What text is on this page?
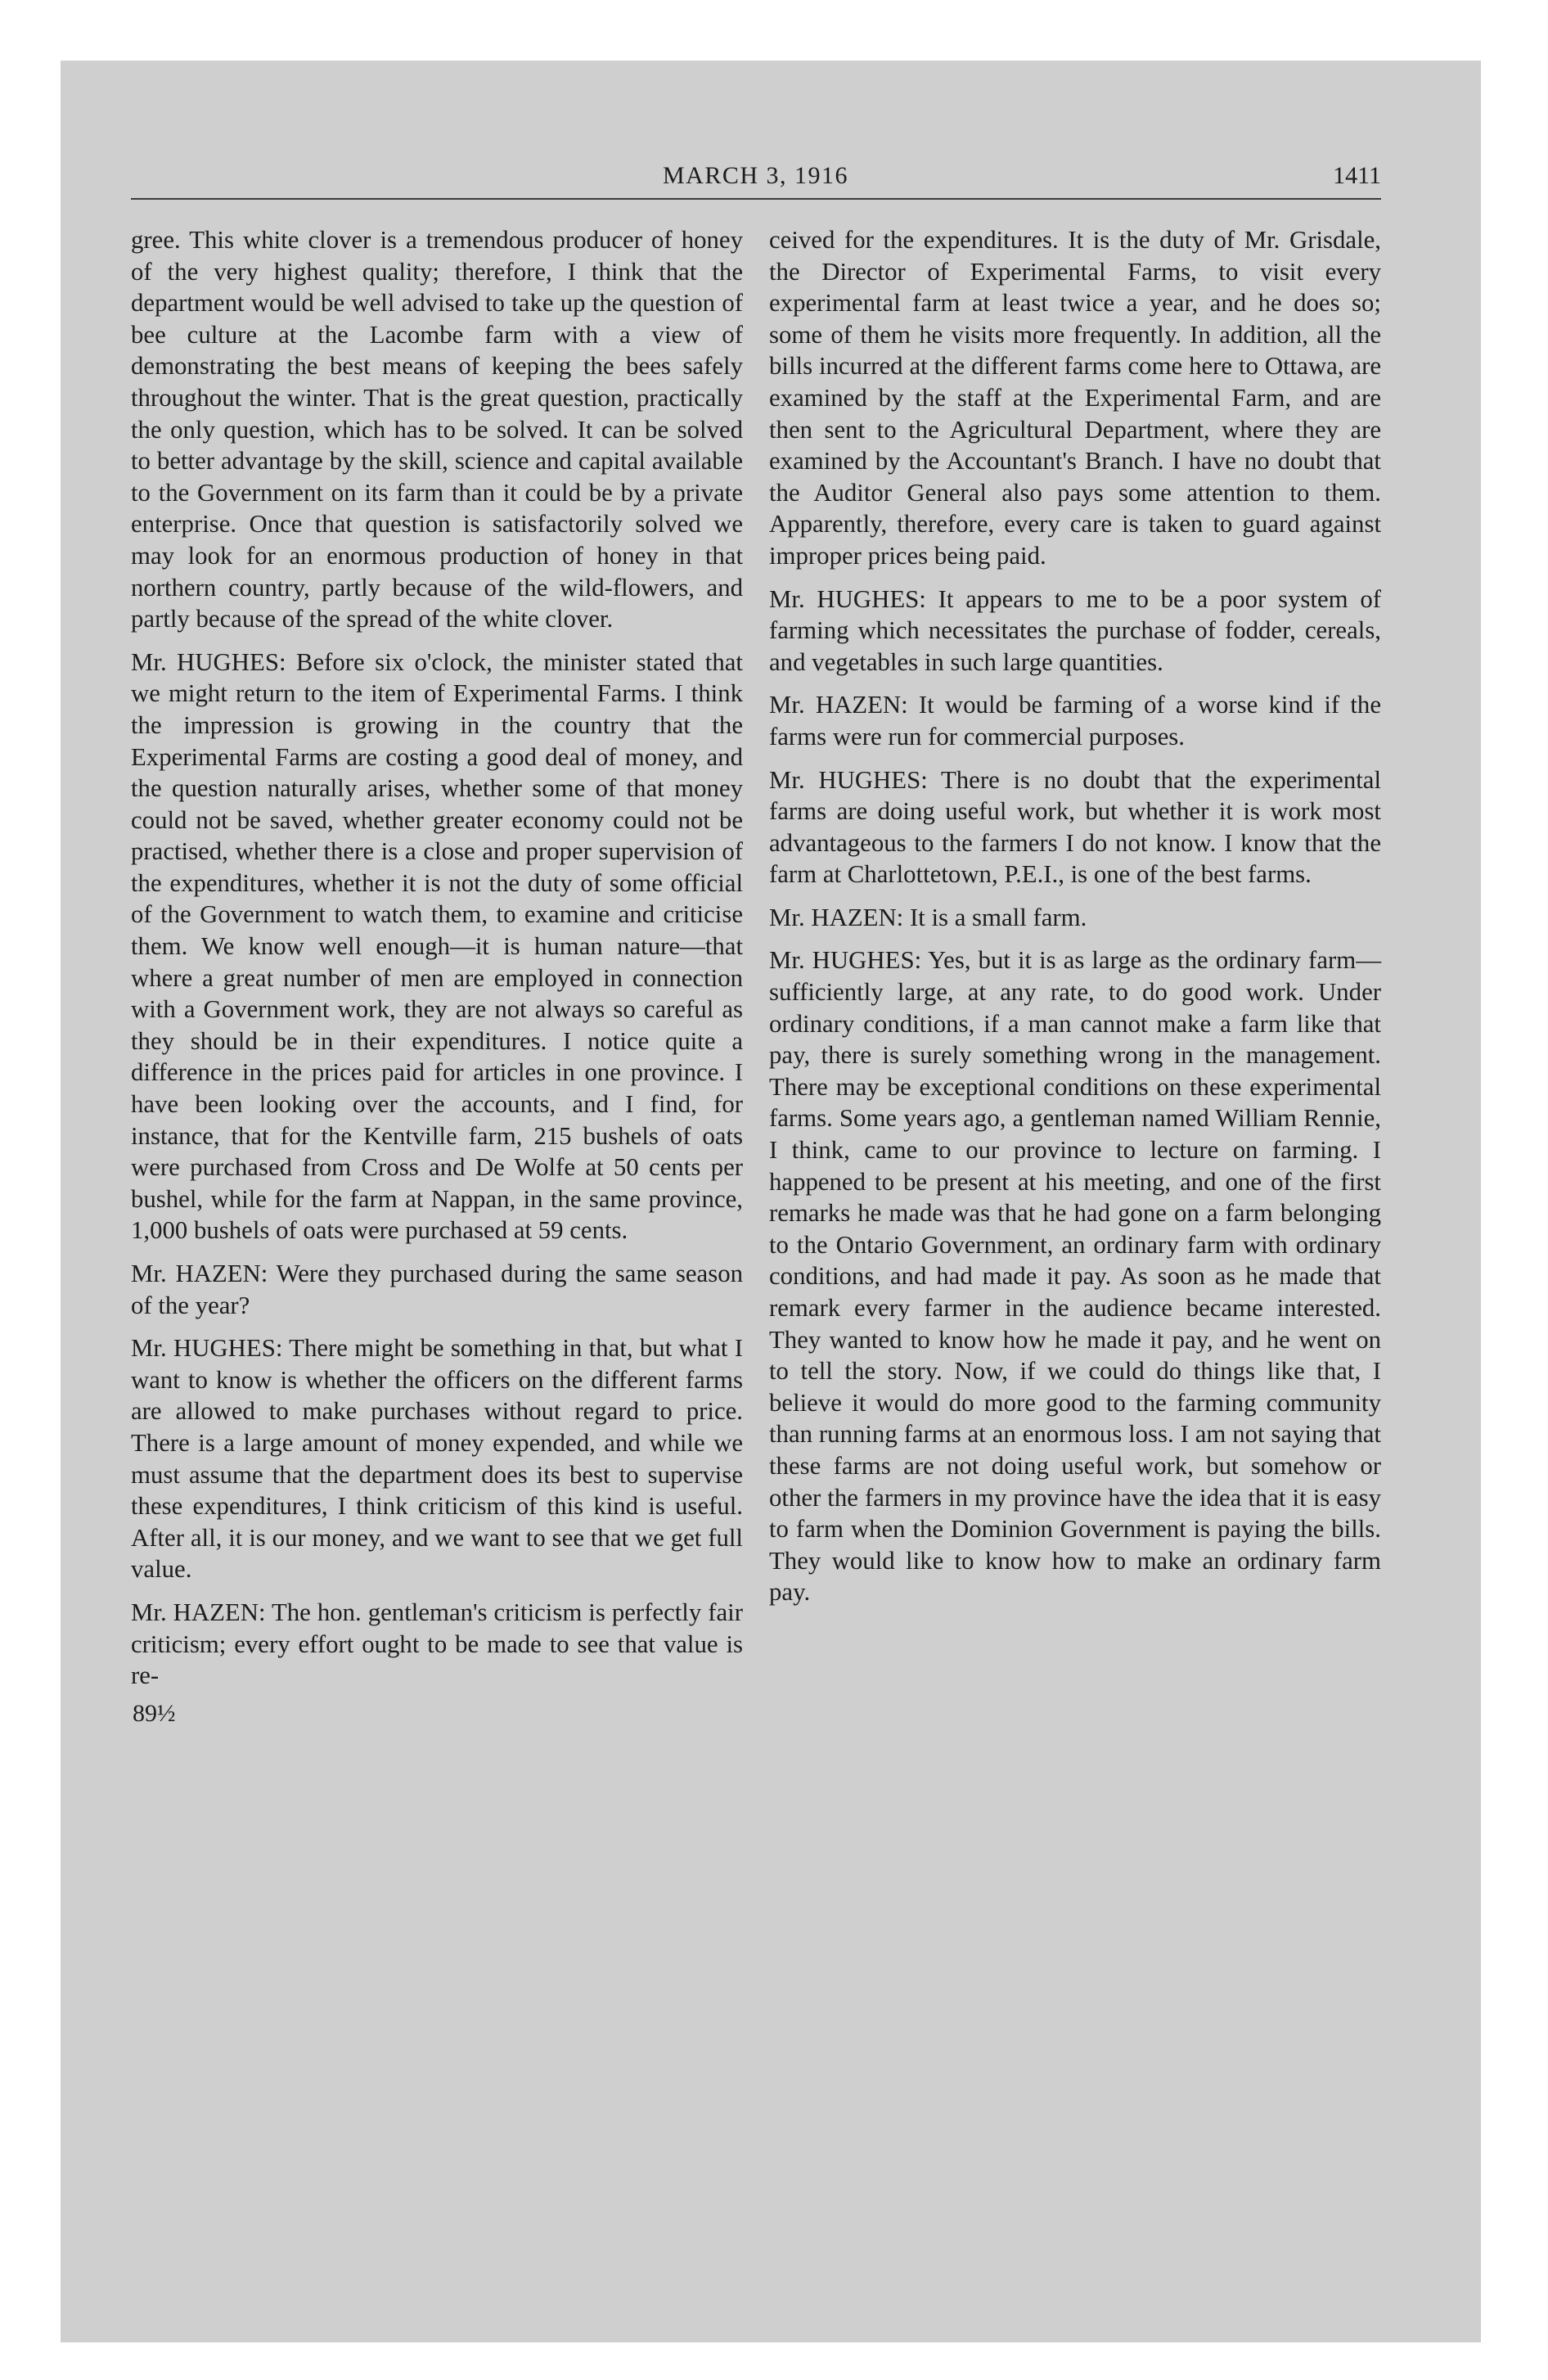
MARCH 3, 1916	1411

gree. This white clover is a tremendous producer of honey of the very highest quality; therefore, I think that the department would be well advised to take up the question of bee culture at the Lacombe farm with a view of demonstrating the best means of keeping the bees safely throughout the winter. That is the great question, practically the only question, which has to be solved. It can be solved to better advantage by the skill, science and capital available to the Government on its farm than it could be by a private enterprise. Once that question is satisfactorily solved we may look for an enormous production of honey in that northern country, partly because of the wild-flowers, and partly because of the spread of the white clover.

Mr. HUGHES: Before six o'clock, the minister stated that we might return to the item of Experimental Farms. I think the impression is growing in the country that the Experimental Farms are costing a good deal of money, and the question naturally arises, whether some of that money could not be saved, whether greater economy could not be practised, whether there is a close and proper supervision of the expenditures, whether it is not the duty of some official of the Government to watch them, to examine and criticise them. We know well enough—it is human nature—that where a great number of men are employed in connection with a Government work, they are not always so careful as they should be in their expenditures. I notice quite a difference in the prices paid for articles in one province. I have been looking over the accounts, and I find, for instance, that for the Kentville farm, 215 bushels of oats were purchased from Cross and De Wolfe at 50 cents per bushel, while for the farm at Nappan, in the same province, 1,000 bushels of oats were purchased at 59 cents.

Mr. HAZEN: Were they purchased during the same season of the year?

Mr. HUGHES: There might be something in that, but what I want to know is whether the officers on the different farms are allowed to make purchases without regard to price. There is a large amount of money expended, and while we must assume that the department does its best to supervise these expenditures, I think criticism of this kind is useful. After all, it is our money, and we want to see that we get full value.

Mr. HAZEN: The hon. gentleman's criticism is perfectly fair criticism; every effort ought to be made to see that value is re-

89½

ceived for the expenditures. It is the duty of Mr. Grisdale, the Director of Experimental Farms, to visit every experimental farm at least twice a year, and he does so; some of them he visits more frequently. In addition, all the bills incurred at the different farms come here to Ottawa, are examined by the staff at the Experimental Farm, and are then sent to the Agricultural Department, where they are examined by the Accountant's Branch. I have no doubt that the Auditor General also pays some attention to them. Apparently, therefore, every care is taken to guard against improper prices being paid.

Mr. HUGHES: It appears to me to be a poor system of farming which necessitates the purchase of fodder, cereals, and vegetables in such large quantities.

Mr. HAZEN: It would be farming of a worse kind if the farms were run for commercial purposes.

Mr. HUGHES: There is no doubt that the experimental farms are doing useful work, but whether it is work most advantageous to the farmers I do not know. I know that the farm at Charlottetown, P.E.I., is one of the best farms.

Mr. HAZEN: It is a small farm.

Mr. HUGHES: Yes, but it is as large as the ordinary farm—sufficiently large, at any rate, to do good work. Under ordinary conditions, if a man cannot make a farm like that pay, there is surely something wrong in the management. There may be exceptional conditions on these experimental farms. Some years ago, a gentleman named William Rennie, I think, came to our province to lecture on farming. I happened to be present at his meeting, and one of the first remarks he made was that he had gone on a farm belonging to the Ontario Government, an ordinary farm with ordinary conditions, and had made it pay. As soon as he made that remark every farmer in the audience became interested. They wanted to know how he made it pay, and he went on to tell the story. Now, if we could do things like that, I believe it would do more good to the farming community than running farms at an enormous loss. I am not saying that these farms are not doing useful work, but somehow or other the farmers in my province have the idea that it is easy to farm when the Dominion Government is paying the bills. They would like to know how to make an ordinary farm pay.
